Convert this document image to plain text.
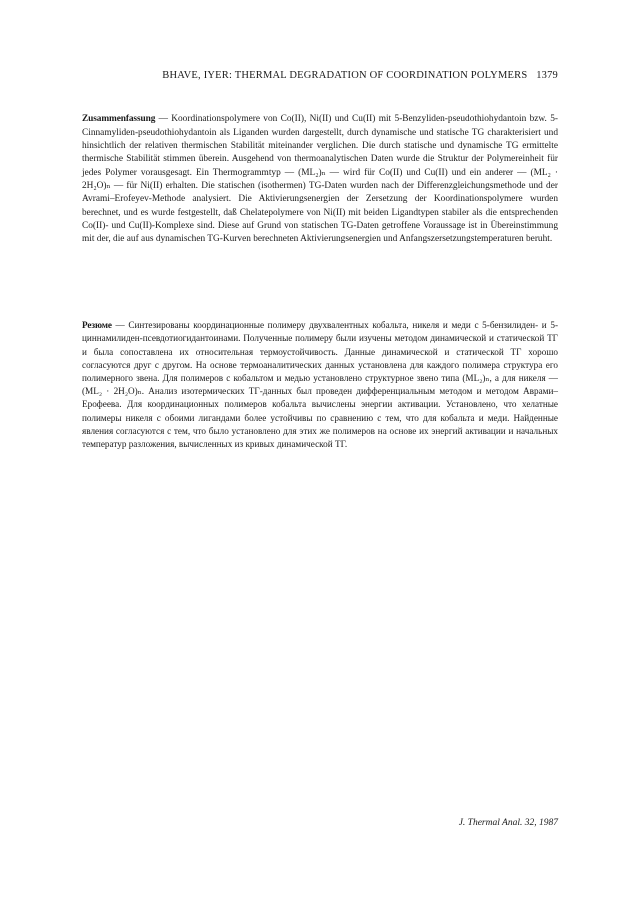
BHAVE, IYER: THERMAL DEGRADATION OF COORDINATION POLYMERS 1379

Zusammenfassung — Koordinationspolymere von Co(II), Ni(II) und Cu(II) mit 5-Benzyliden-pseudothiohydantoin bzw. 5-Cinnamyliden-pseudothiohydantoin als Liganden wurden dargestellt, durch dynamische und statische TG charakterisiert und hinsichtlich der relativen thermischen Stabilität miteinander verglichen. Die durch statische und dynamische TG ermittelte thermische Stabilität stimmen überein. Ausgehend von thermoanalytischen Daten wurde die Struktur der Polymereinheit für jedes Polymer vorausgesagt. Ein Thermogrammtyp — (ML₂)ₙ — wird für Co(II) und Cu(II) und ein anderer — (ML₂ · 2H₂O)ₙ — für Ni(II) erhalten. Die statischen (isothermen) TG-Daten wurden nach der Differenzgleichungsmethode und der Avrami–Erofeyev-Methode analysiert. Die Aktivierungsenergien der Zersetzung der Koordinationspolymere wurden berechnet, und es wurde festgestellt, daß Chelatepolymere von Ni(II) mit beiden Ligandtypen stabiler als die entsprechenden Co(II)- und Cu(II)-Komplexe sind. Diese auf Grund von statischen TG-Daten getroffene Voraussage ist in Übereinstimmung mit der, die auf aus dynamischen TG-Kurven berechneten Aktivierungsenergien und Anfangszersetzungstemperaturen beruht.

Резюме — Синтезированы координационные полимеру двухвалентных кобальта, никеля и меди с 5-бензилиден- и 5-циннамилиден-псевдотиогидантоинами. Полученные полимеру были изучены методом динамической и статической ТГ и была сопоставлена их относительная термоустойчивость. Данные динамической и статической ТГ хорошо согласуются друг с другом. На основе термоаналитических данных установлена для каждого полимера структура его полимерного звена. Для полимеров с кобальтом и медью установлено структурное звено типа (ML₂)ₙ, а для никеля — (ML₂ · 2H₂O)ₙ. Анализ изотермических ТГ-данных был проведен дифференциальным методом и методом Аврами–Ерофеева. Для координационных полимеров кобальта вычислены энергии активации. Установлено, что хелатные полимеры никеля с обоими лигандами более устойчивы по сравнению с тем, что для кобальта и меди. Найденные явления согласуются с тем, что было установлено для этих же полимеров на основе их энергий активации и начальных температур разложения, вычисленных из кривых динамической ТГ.

J. Thermal Anal. 32, 1987
